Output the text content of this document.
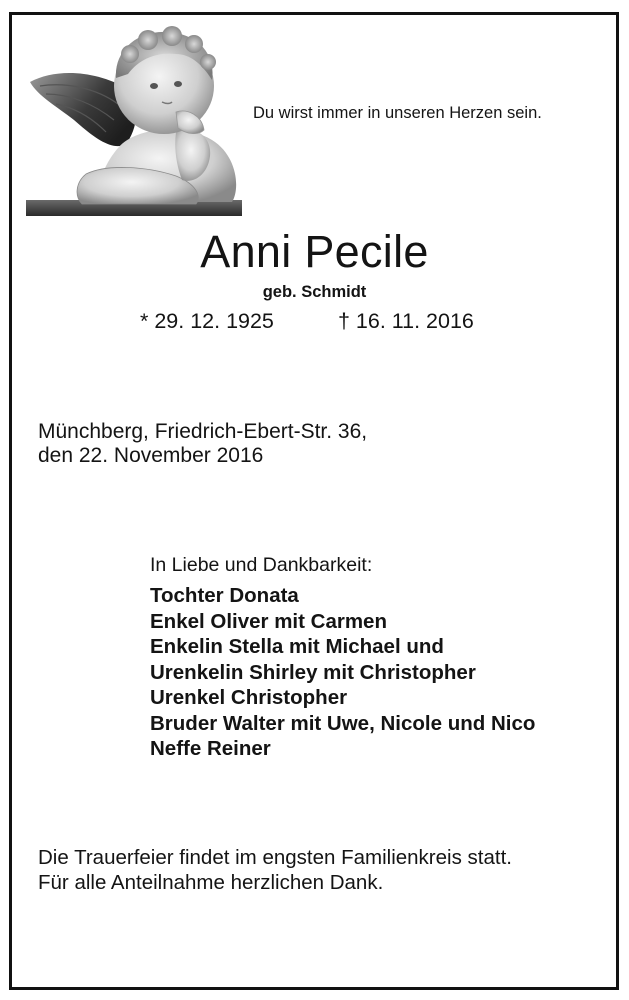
Du wirst immer in unseren Herzen sein.

Anni Pecile

geb. Schmidt

* 29. 12. 1925	† 16. 11. 2016

Münchberg, Friedrich-Ebert-Str. 36,

den 22. November 2016

In Liebe und Dankbarkeit:

Tochter Donata
Enkel Oliver mit Carmen
Enkelin Stella mit Michael und
Urenkelin Shirley mit Christopher
Urenkel Christopher
Bruder Walter mit Uwe, Nicole und Nico
Neffe Reiner

Die Trauerfeier findet im engsten Familienkreis statt.

Für alle Anteilnahme herzlichen Dank.
